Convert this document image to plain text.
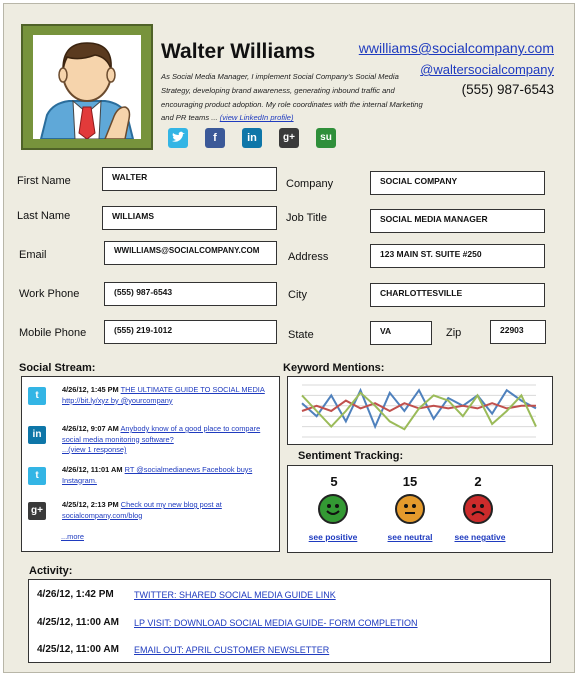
Walter Williams
As Social Media Manager, I implement Social Company's Social Media Strategy, developing brand awareness, generating inbound traffic and encouraging product adoption. My role coordinates with the internal Marketing and PR teams ... (view LinkedIn profile)
wwilliams@socialcompany.com
@waltersocialcompany
(555) 987-6543
f	in	g+	su
First Name	WALTER
Last Name	WILLIAMS
Email	WWILLIAMS@SOCIALCOMPANY.COM
Work Phone	(555) 987-6543
Mobile Phone	(555) 219-1012
Company	SOCIAL COMPANY
Job Title	SOCIAL MEDIA MANAGER
Address	123 MAIN ST. SUITE #250
City	CHARLOTTESVILLE
State	VA	Zip	22903
Social Stream:
t
4/26/12, 1:45 PM THE ULTIMATE GUIDE TO SOCIAL MEDIA http://bit.ly/xyz by @yourcompany
in
4/26/12, 9:07 AM Anybody know of a good place to compare social media monitoring software?
...(view 1 response)
t
4/26/12, 11:01 AM RT @socialmedianews Facebook buys Instagram.
g+
4/25/12, 2:13 PM Check out my new blog post at socialcompany.com/blog
...more
Keyword Mentions:
Sentiment Tracking:
5
see positive
15
see neutral
2
see negative
Activity:
4/26/12, 1:42 PM TWITTER: SHARED SOCIAL MEDIA GUIDE LINK
4/25/12, 11:00 AM LP VISIT: DOWNLOAD SOCIAL MEDIA GUIDE- FORM COMPLETION
4/25/12, 11:00 AM EMAIL OUT: APRIL CUSTOMER NEWSLETTER
